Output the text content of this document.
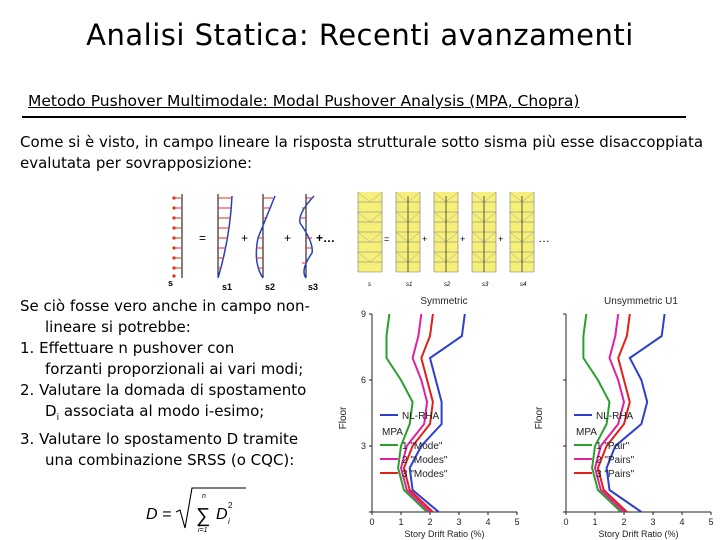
Analisi Statica: Recenti avanzamenti
Metodo Pushover Multimodale: Modal Pushover Analysis (MPA, Chopra)
Come si è visto, in campo lineare la risposta strutturale sotto sisma più esse disaccoppiata evalutata per sovrapposizione:
=	+	+ +…
s	s1	s2	s3
=	+	+	+	…
s	s1	s2	s3	s4
Se ciò fosse vero anche in campo non-lineare si potrebbe:
1. Effettuare n pushover con
forzanti proporzionali ai vari modi;
2. Valutare la domada di spostamento
$D_i$ associata al modo i-esimo;
3. Valutare lo spostamento D tramite
una combinazione SRSS (o CQC):
D =
n
∑
i=1
D i
2
Symmetric
0	1	2	3	4	5
3
6
9
Story Drift Ratio (%)
Floor	NL-RHA
MPA
1 "Mode"
2 "Modes"
3 "Modes"
Unsymmetric U1
0	1	2	3	4	5
Story Drift Ratio (%)
Floor	NL-RHA
MPA
1 "Pair"
2 "Pairs"
3 "Pairs"
